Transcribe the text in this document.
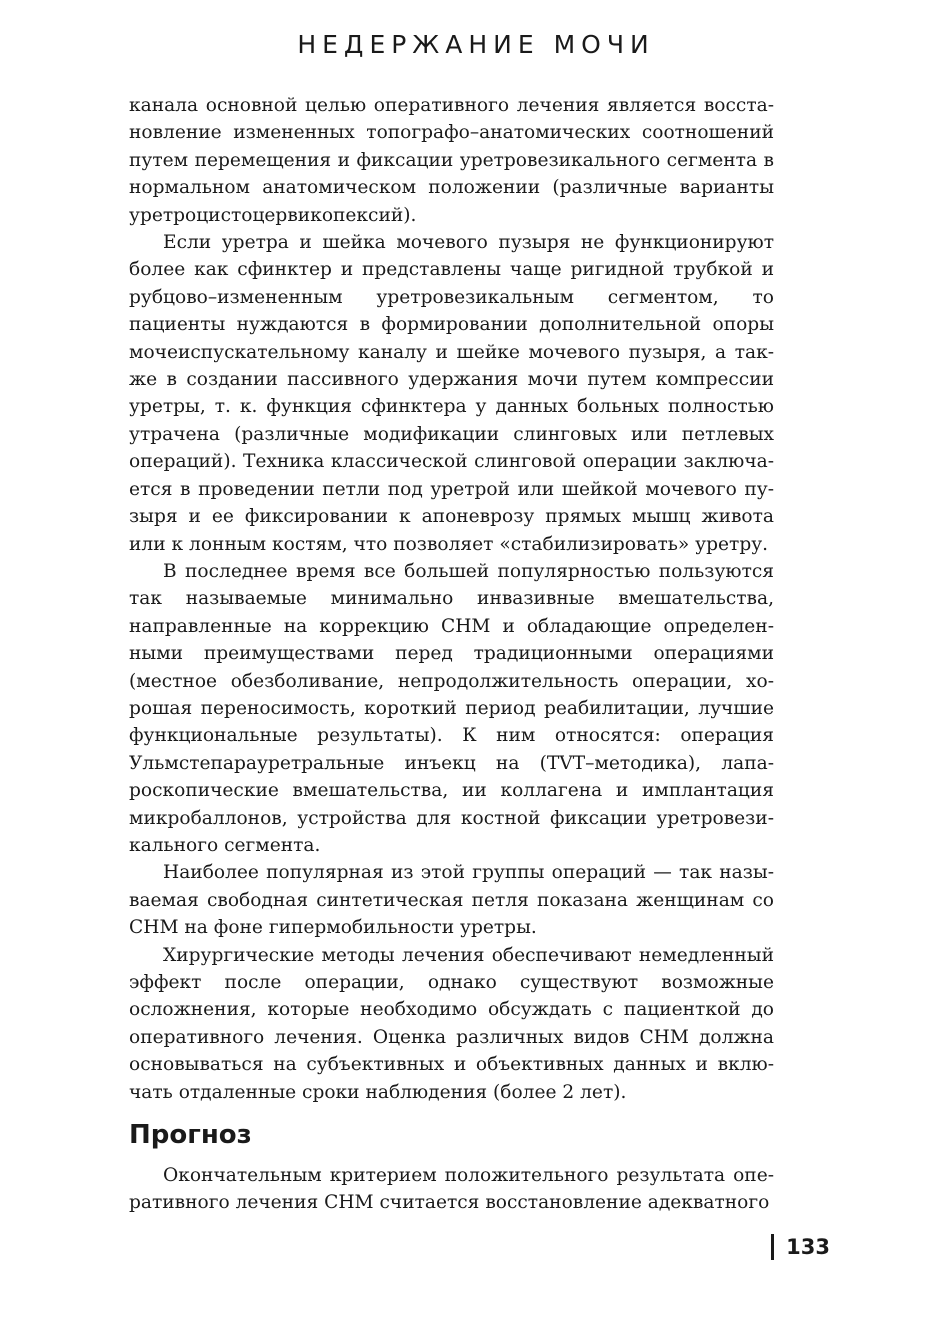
НЕДЕРЖАНИЕ МОЧИ

канала основной целью оперативного лечения является восстановление измененных топографо–анатомических соотношений путем перемещения и фиксации уретровезикального сегмента в нормальном анатомическом положении (различные варианты уретроцистоцервикопексий).

Если уретра и шейка мочевого пузыря не функционируют более как сфинктер и представлены чаще ригидной трубкой и рубцово–измененным уретровезикальным сегментом, то пациенты нуждаются в формировании дополнительной опоры мочеиспускательному каналу и шейке мочевого пузыря, а также в создании пассивного удержания мочи путем компрессии уретры, т. к. функция сфинктера у данных больных полностью утрачена (различные модификации слинговых или петлевых операций). Техника классической слинговой операции заключается в проведении петли под уретрой или шейкой мочевого пузыря и ее фиксировании к апоневрозу прямых мышц живота или к лонным костям, что позволяет «стабилизировать» уретру.

В последнее время все большей популярностью пользуются так называемые минимально инвазивные вмешательства, направленные на коррекцию СНМ и обладающие определенными преимуществами перед традиционными операциями (местное обезболивание, непродолжительность операции, хорошая переносимость, короткий период реабилитации, лучшие функциональные результаты). К ним относятся: операция Ульмстепарауретральные инъекц на (TVT–методика), лапароскопические вмешательства, ии коллагена и имплантация микробаллонов, устройства для костной фиксации уретровезикального сегмента.

Наиболее популярная из этой группы операций — так называемая свободная синтетическая петля показана женщинам со СНМ на фоне гипермобильности уретры.

Хирургические методы лечения обеспечивают немедленный эффект после операции, однако существуют возможные осложнения, которые необходимо обсуждать с пациенткой до оперативного лечения. Оценка различных видов СНМ должна основываться на субъективных и объективных данных и включать отдаленные сроки наблюдения (более 2 лет).

Прогноз

Окончательным критерием положительного результата оперативного лечения СНМ считается восстановление адекватного

133
